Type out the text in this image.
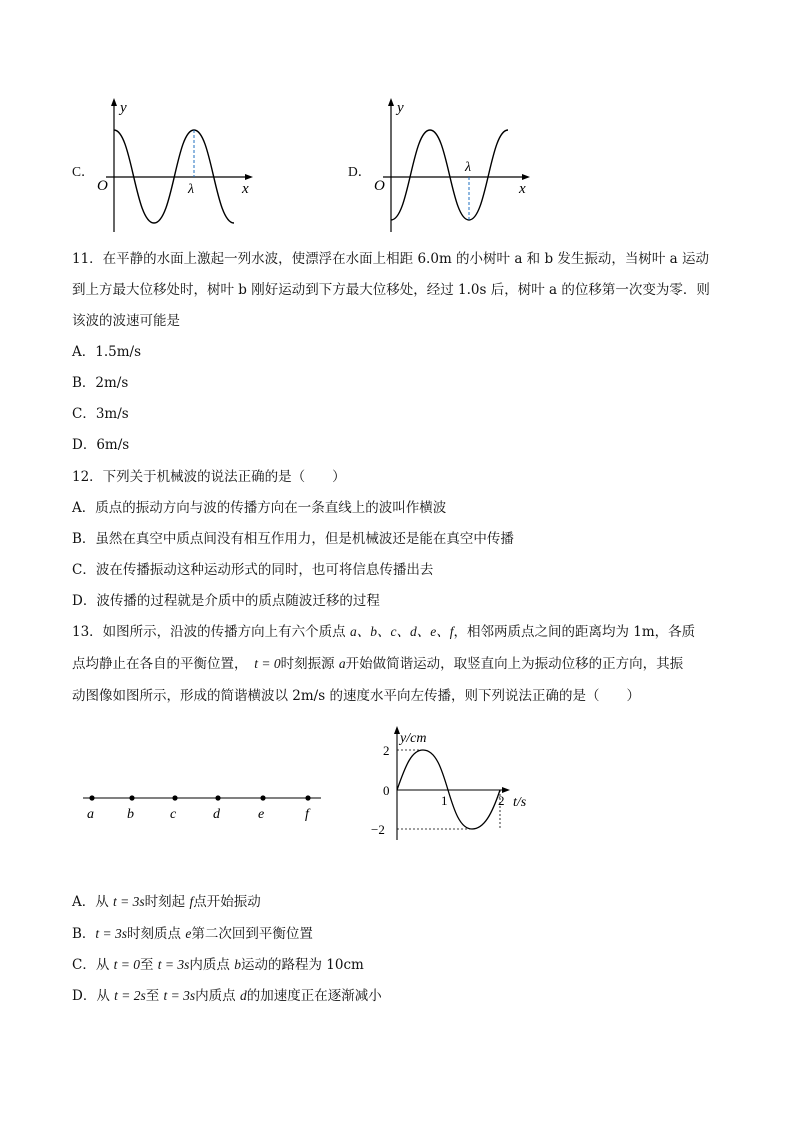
C．
y
O	x
λ
D．
y
O	x
λ
11．在平静的水面上激起一列水波，使漂浮在水面上相距 6.0m 的小树叶 a 和 b 发生振动，当树叶 a 运动
到上方最大位移处时，树叶 b 刚好运动到下方最大位移处，经过 1.0s 后，树叶 a 的位移第一次变为零．则
该波的波速可能是
A．1.5m/s
B．2m/s
C．3m/s
D．6m/s
12．下列关于机械波的说法正确的是（　　）
A．质点的振动方向与波的传播方向在一条直线上的波叫作横波
B．虽然在真空中质点间没有相互作用力，但是机械波还是能在真空中传播
C．波在传播振动这种运动形式的同时，也可将信息传播出去
D．波传播的过程就是介质中的质点随波迁移的过程
13．如图所示，沿波的传播方向上有六个质点 a、b、c、d、e、f，相邻两质点之间的距离均为 1m，各质
点均静止在各自的平衡位置，　t = 0时刻振源 a开始做简谐运动，取竖直向上为振动位移的正方向，其振
动图像如图所示，形成的简谐横波以 2m/s 的速度水平向左传播，则下列说法正确的是（　　）
a b	c	d	e	f
y/cm
t/s
2
0
−2
1	2
A．从 t = 3s时刻起 f点开始振动
B．t = 3s时刻质点 e第二次回到平衡位置
C．从 t = 0至 t = 3s内质点 b运动的路程为 10cm
D．从 t = 2s至 t = 3s内质点 d的加速度正在逐渐减小
